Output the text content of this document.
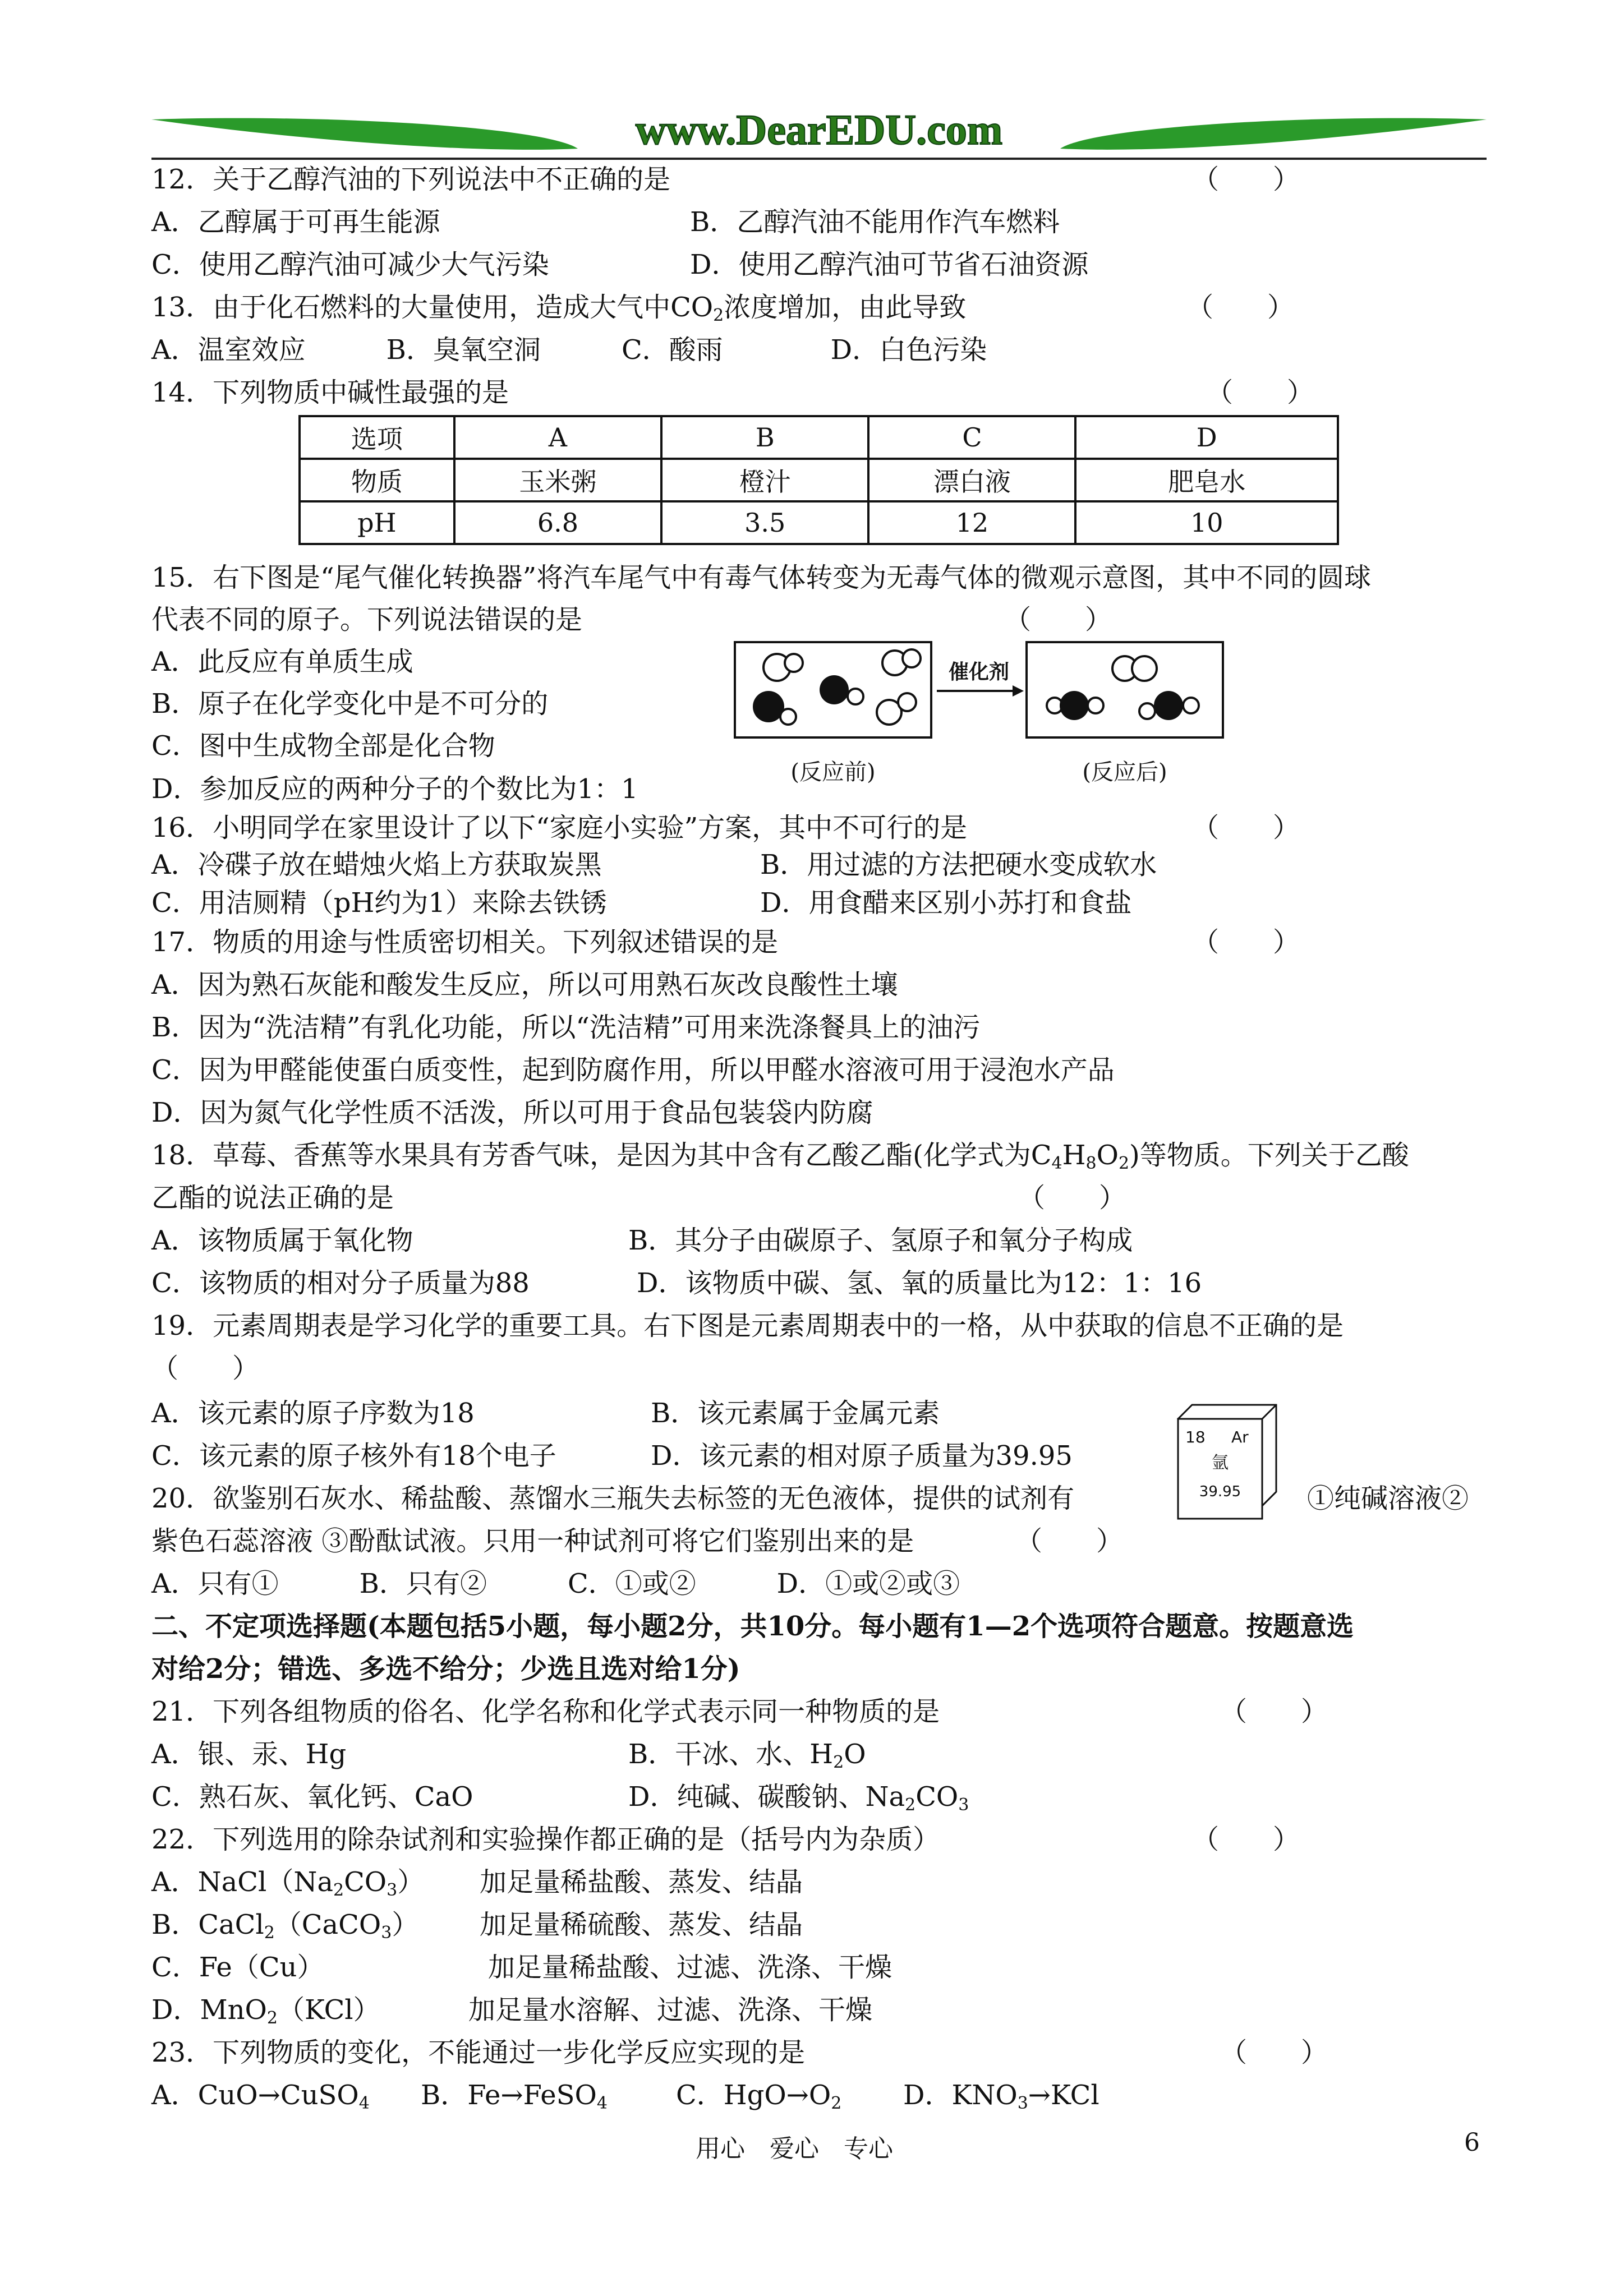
www.DearEDU.com
12．关于乙醇汽油的下列说法中不正确的是	（　　）
A．乙醇属于可再生能源	B．乙醇汽油不能用作汽车燃料
C．使用乙醇汽油可减少大气污染	D．使用乙醇汽油可节省石油资源
13．由于化石燃料的大量使用，造成大气中$CO_2$浓度增加，由此导致	（　　）
A．温室效应　　　B．臭氧空洞　　　C．酸雨　　　　D．白色污染
14．下列物质中碱性最强的是	（　　）
选项	A	B	C	D
物质	玉米粥	橙汁	漂白液	肥皂水
pH	6.8	3.5	12	10
15．右下图是“尾气催化转换器”将汽车尾气中有毒气体转变为无毒气体的微观示意图，其中不同的圆球
代表不同的原子。下列说法错误的是	（　　）
A．此反应有单质生成
B．原子在化学变化中是不可分的
C．图中生成物全部是化合物
D．参加反应的两种分子的个数比为1：1
催化剂
(反应前)	(反应后)
16．小明同学在家里设计了以下“家庭小实验”方案，其中不可行的是	（　　）
A．冷碟子放在蜡烛火焰上方获取炭黑	B．用过滤的方法把硬水变成软水
C．用洁厕精（pH约为1）来除去铁锈	D．用食醋来区别小苏打和食盐
17．物质的用途与性质密切相关。下列叙述错误的是	（　　）
A．因为熟石灰能和酸发生反应，所以可用熟石灰改良酸性土壤
B．因为“洗洁精”有乳化功能，所以“洗洁精”可用来洗涤餐具上的油污
C．因为甲醛能使蛋白质变性，起到防腐作用，所以甲醛水溶液可用于浸泡水产品
D．因为氮气化学性质不活泼，所以可用于食品包装袋内防腐
18．草莓、香蕉等水果具有芳香气味，是因为其中含有乙酸乙酯(化学式为$C_4H_8O_2$)等物质。下列关于乙酸
乙酯的说法正确的是	（　　）
A．该物质属于氧化物	B．其分子由碳原子、氢原子和氧分子构成
C．该物质的相对分子质量为88	D．该物质中碳、氢、氧的质量比为12：1：16
19．元素周期表是学习化学的重要工具。右下图是元素周期表中的一格，从中获取的信息不正确的是
（　　）
A．该元素的原子序数为18	B．该元素属于金属元素
C．该元素的原子核外有18个电子	D．该元素的相对原子质量为39.95
18 Ar
氩
39.95
20．欲鉴别石灰水、稀盐酸、蒸馏水三瓶失去标签的无色液体，提供的试剂有	①纯碱溶液②
紫色石蕊溶液 ③酚酞试液。只用一种试剂可将它们鉴别出来的是	（　　）
A．只有①　　　B．只有②　　　C．①或②　　　D．①或②或③
二、不定项选择题(本题包括5小题，每小题2分，共10分。每小题有1—2个选项符合题意。按题意选
对给2分；错选、多选不给分；少选且选对给1分)
21．下列各组物质的俗名、化学名称和化学式表示同一种物质的是	（　　）
A．银、汞、Hg	B．干冰、水、$H_2O$
C．熟石灰、氧化钙、CaO	D．纯碱、碳酸钠、$Na_2CO_3$
22．下列选用的除杂试剂和实验操作都正确的是（括号内为杂质）	（　　）
A．$NaCl(Na_2CO_3)$ 加足量稀盐酸、蒸发、结晶
B．CaCl$_2$（CaCO$_3$） 加足量稀硫酸、蒸发、结晶
C．Fe（Cu）	加足量稀盐酸、过滤、洗涤、干燥
D．MnO$_2$（KCl）	加足量水溶解、过滤、洗涤、干燥
23．下列物质的变化，不能通过一步化学反应实现的是	（　　）
A．CuO→CuSO$_4$ B．Fe→FeSO$_4$	C．$HgO\to O_2$ D．$KNO_3\to KCl$
用心　爱心　专心	6
